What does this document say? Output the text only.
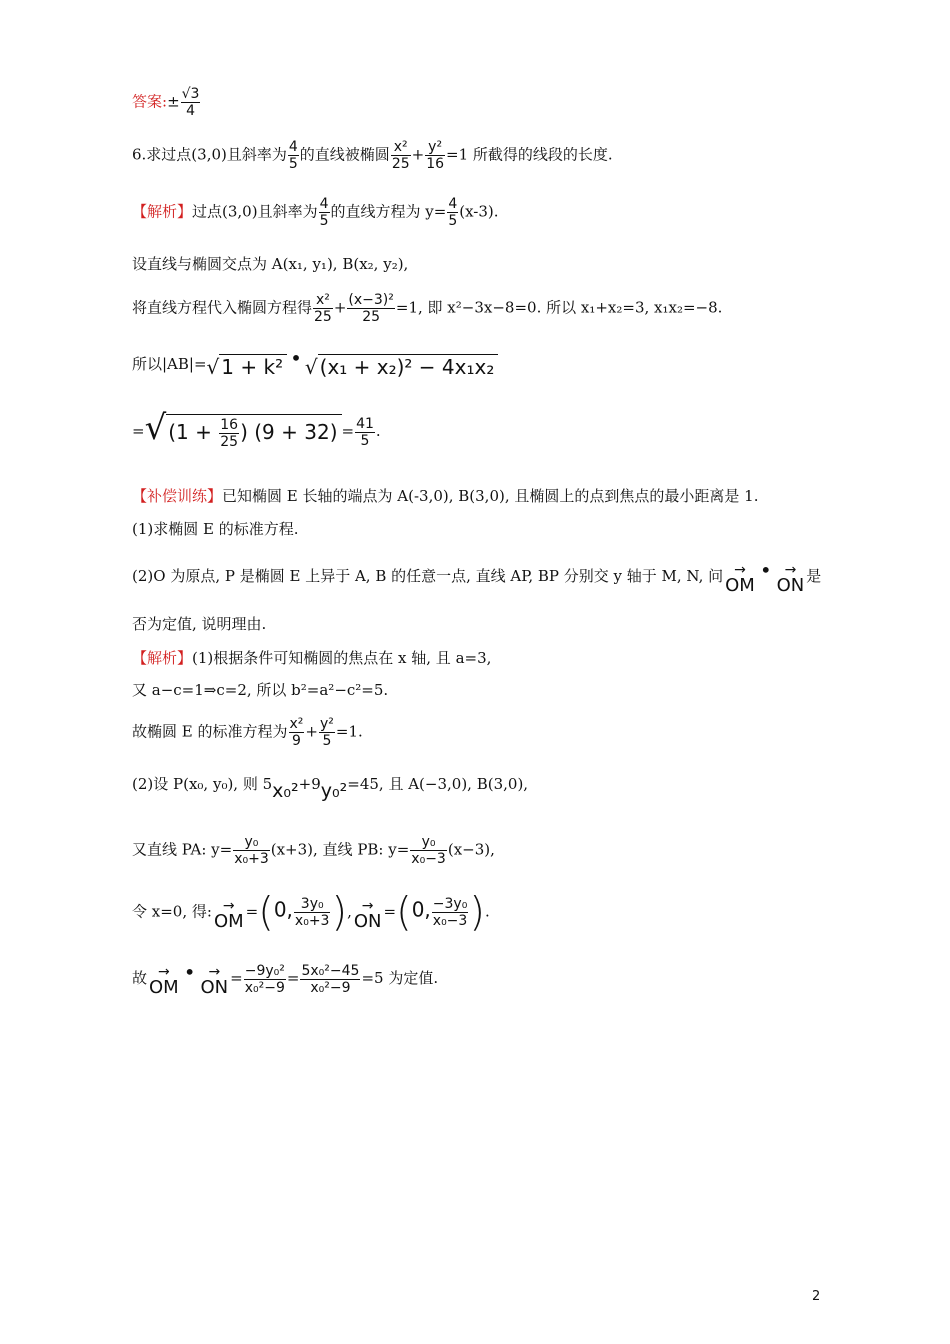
答案:± $\frac{√3}{4}$
6.求过点(3,0)且斜率为 $\frac{4}{5}$ 的直线被椭圆 $\frac{\text{x²}}{25} + \frac{\text{y²}}{16} =1$ 所截得的线段的长度.
【解析】过点(3,0)且斜率为 $\frac{4}{5}$ 的直线方程为 $y= \frac{4}{5} (x-3)$.
设直线与椭圆交点为 A(x₁, y₁), B(x₂, y₂),
将直线方程代入椭圆方程得 $\frac{\text{x²}}{25} + \frac{\text{(x−3)²}}{25} =1$, 即 x²−3x−8=0. 所以 x₁+x₂=3, x₁x₂=−8.
所以|AB|=√ 1 + k² • √ (x₁ + x₂)² − 4x₁x₂
=√ ($1 + \frac{16}{25}$ ) $(9 + 32) = \frac{41}{5}$ .
【补偿训练】已知椭圆 E 长轴的端点为 A(-3,0), B(3,0), 且椭圆上的点到焦点的最小距离是 1.
(1)求椭圆 E 的标准方程.
(2)O 为原点, P 是椭圆 E 上异于 A, B 的任意一点, 直线 AP, BP 分别交 y 轴于 M, N, 问 →
OM• →
ON 是
否为定值, 说明理由.
【解析】(1)根据条件可知椭圆的焦点在 x 轴, 且 a=3,
又 a−c=1⇒c=2, 所以 b²=a²−c²=5.
故椭圆 E 的标准方程为 $\frac{\text{x²}}{9} + \frac{\text{y²}}{5} =1$.
(2)设 P(x₀, y₀), 则 5x₀²+9y₀²=45, 且 A(−3,0), B(3,0),
又直线 PA: $y= \frac{\text{y₀}}{\text{x₀+3}} (x+3)$, 直线 PB: $y= \frac{\text{y₀}}{\text{x₀−3}} (x-3)$,
令 x=0, 得: →
OM =(0, $\frac{\text{3y₀}}{\text{x₀+3}}$ ), →
ON =(0, $\frac{\text{−3y₀}}{\text{x₀−3}}$ ).
故 →
OM• →
ON = $\frac{\text{−9y₀²}}{\text{x₀²−9}} = \frac{\text{5x₀²−45}}{\text{x₀²−9}} =5$ 为定值.
2
